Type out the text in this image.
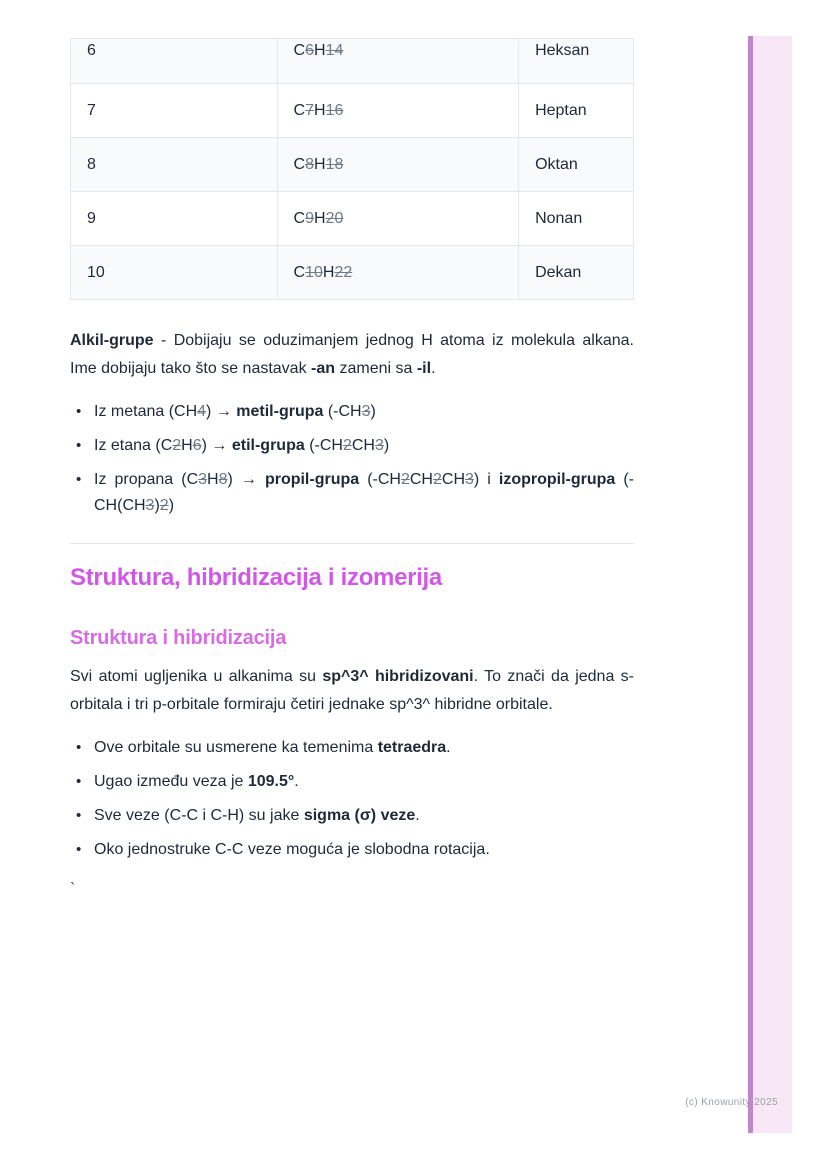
6	C6H14	Heksan
7	C7H16	Heptan
8	C8H18	Oktan
9	C9H20	Nonan
10	C10H22	Dekan

Alkil-grupe - Dobijaju se oduzimanjem jednog H atoma iz molekula alkana. Ime dobijaju tako što se nastavak -an zameni sa -il.

• Iz metana (CH4) → metil-grupa (-CH3)
• Iz etana (C2H6) → etil-grupa (-CH2CH3)
• Iz propana (C3H8) → propil-grupa (-CH2CH2CH3) i izopropil-grupa (-CH(CH3)2)
Struktura, hibridizacija i izomerija
Struktura i hibridizacija

Svi atomi ugljenika u alkanima su sp^3^ hibridizovani. To znači da jedna s-orbitala i tri p-orbitale formiraju četiri jednake sp^3^ hibridne orbitale.

• Ove orbitale su usmerene ka temenima tetraedra.
• Ugao između veza je 109.5°.
• Sve veze (C-C i C-H) su jake sigma (σ) veze.
• Oko jednostruke C-C veze moguća je slobodna rotacija.

`

(c) Knowunity 2025
